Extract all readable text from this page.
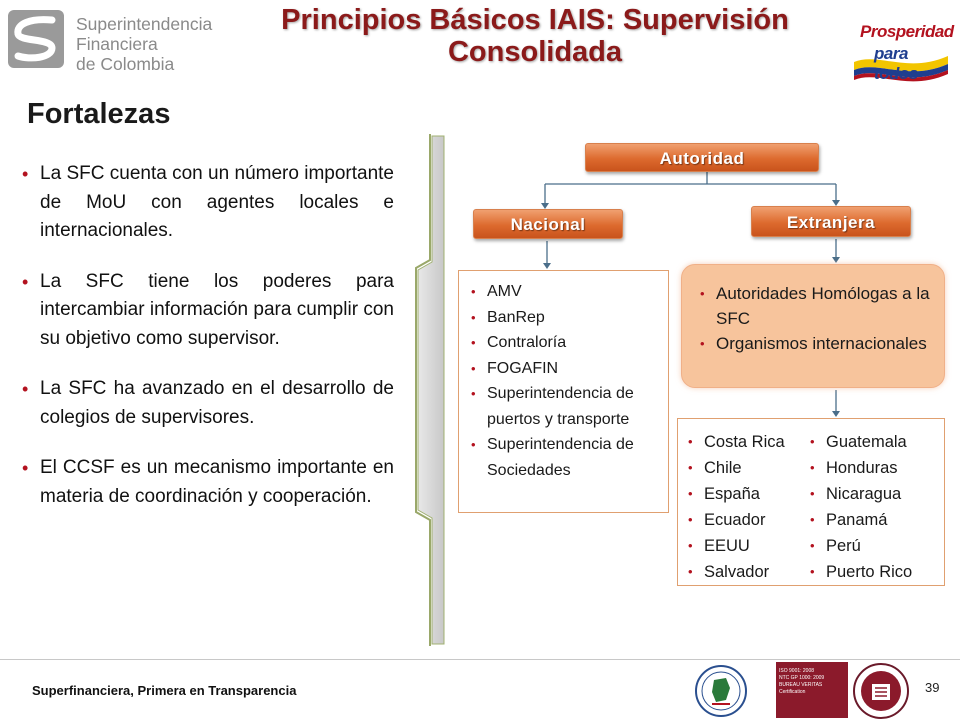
Superintendencia
Financiera
de Colombia
Principios Básicos IAIS: Supervisión
Consolidada
Prosperidad
para todos
Fortalezas
• La SFC cuenta con un número importante de MoU con agentes locales e internacionales.
• La SFC tiene los poderes para intercambiar información para cumplir con su objetivo como supervisor.
• La SFC ha avanzado en el desarrollo de colegios de supervisores.
• El CCSF es un mecanismo importante en materia de coordinación y cooperación.
Autoridad
Nacional	Extranjera
• AMV
• BanRep
• Contraloría
• FOGAFIN
• Superintendencia de puertos y transporte
• Superintendencia de Sociedades
• Autoridades Homólogas a la SFC
• Organismos internacionales
• Costa Rica
• Chile
• España
• Ecuador
• EEUU
• Salvador
• Guatemala
• Honduras
• Nicaragua
• Panamá
• Perú
• Puerto Rico
Superfinanciera, Primera en Transparencia	39
ISO 9001: 2008
NTC GP 1000: 2009
BUREAU VERITAS
Certification
